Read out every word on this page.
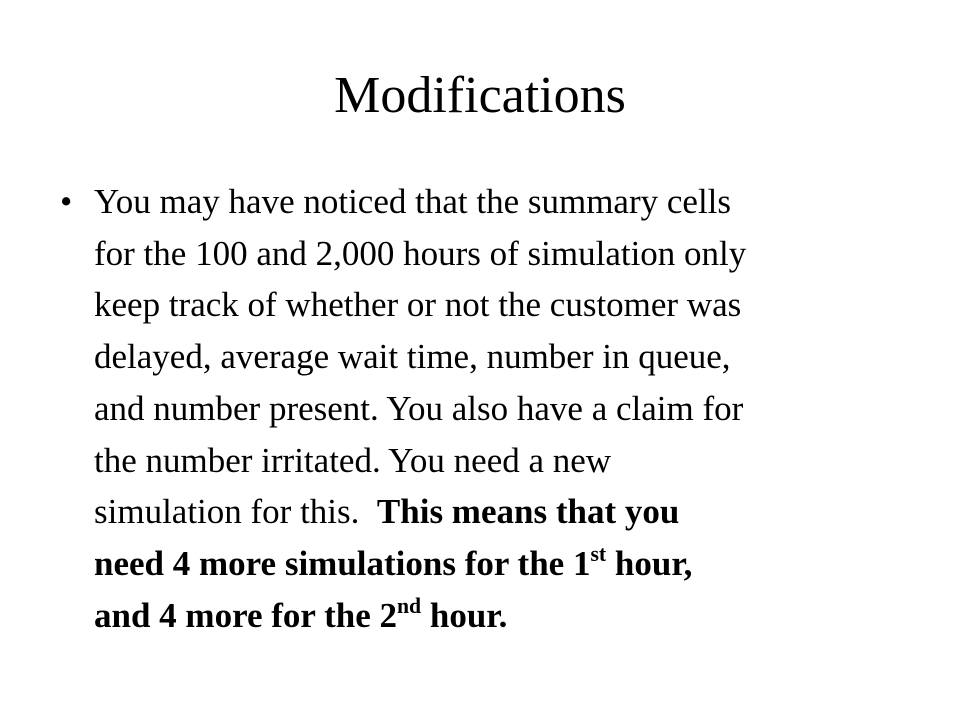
Modifications
• You may have noticed that the summary cells
for the 100 and 2,000 hours of simulation only
keep track of whether or not the customer was
delayed, average wait time, number in queue,
and number present. You also have a claim for
the number irritated. You need a new
simulation for this. This means that you
need 4 more simulations for the 1st hour,
and 4 more for the 2nd hour.
